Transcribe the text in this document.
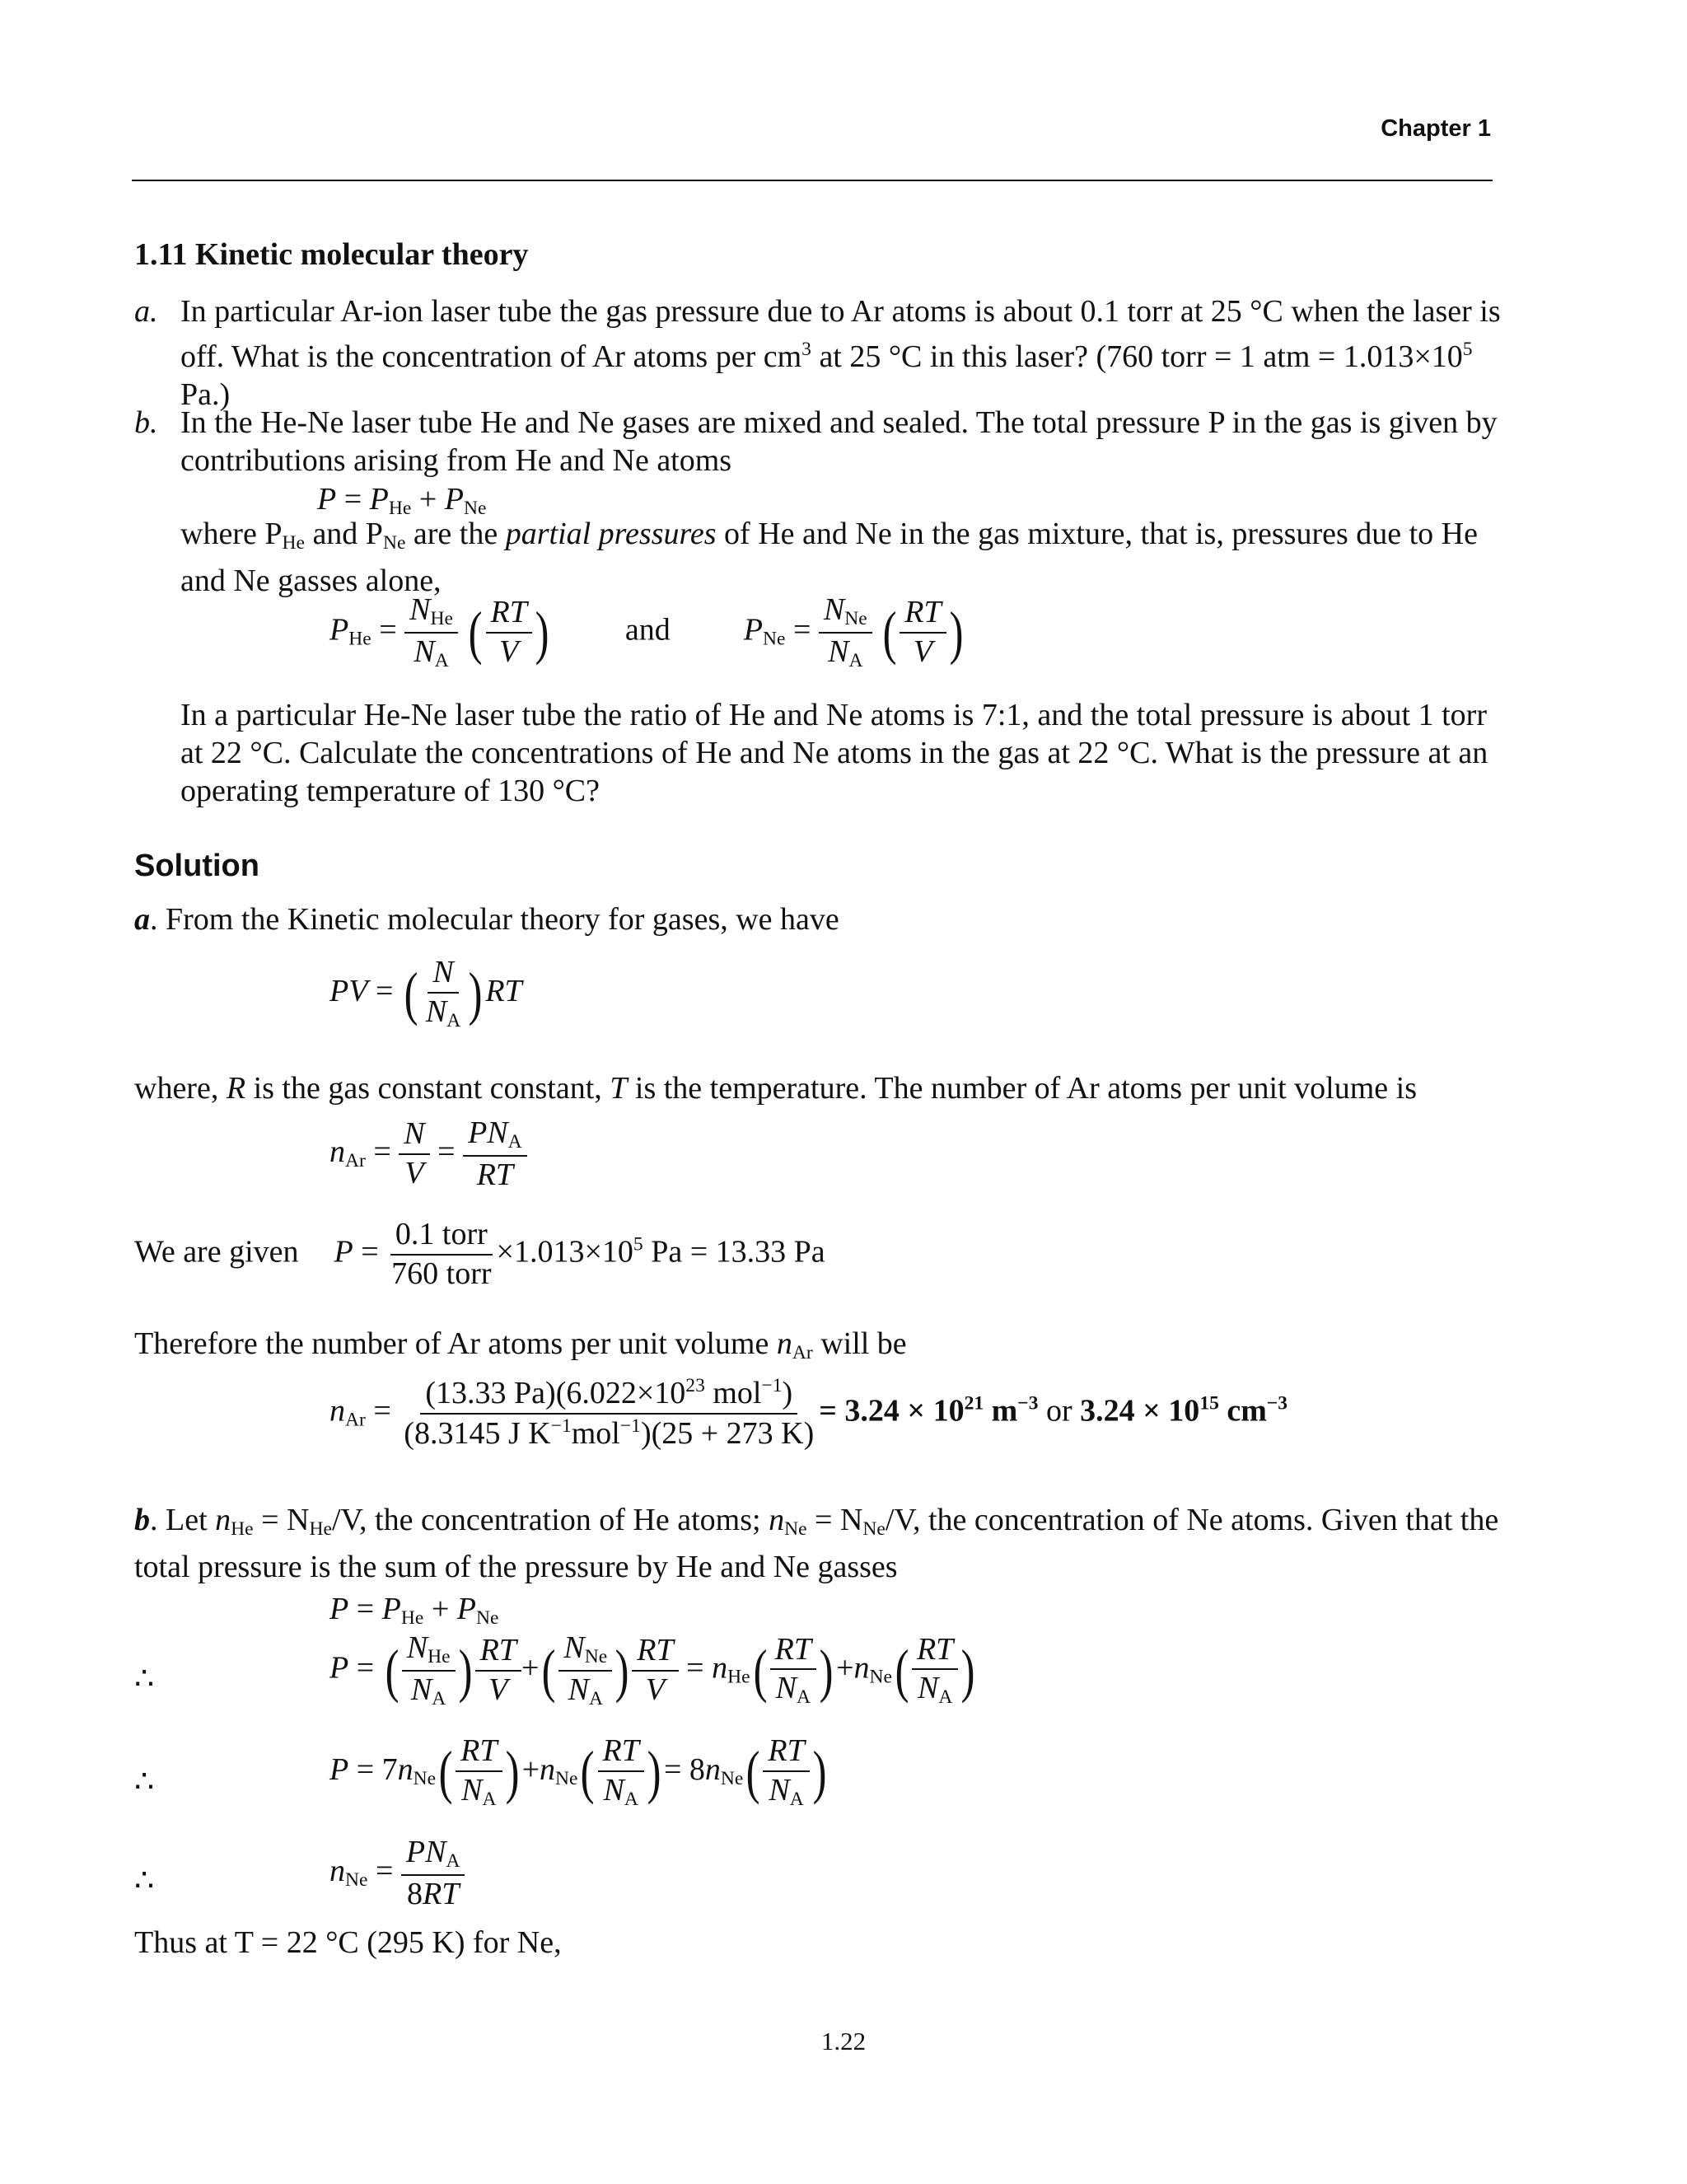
Chapter 1
1.11 Kinetic molecular theory
a. In particular Ar-ion laser tube the gas pressure due to Ar atoms is about 0.1 torr at 25 °C when the laser is off. What is the concentration of Ar atoms per $cm^3$ at 25 °C in this laser? (760 torr = 1 atm = $1.013\times 10^5$ Pa.)
b. In the He-Ne laser tube He and Ne gases are mixed and sealed. The total pressure P in the gas is given by contributions arising from He and Ne atoms
$P = P_{He} + P_{Ne}$
where $P_{He}$ and $P_{Ne}$ are the partial pressures of He and Ne in the gas mixture, that is, pressures due to He and Ne gasses alone,
$P_{He} = \frac{N_{He}}{N_A}$ ( $\frac{RT}{V}$ ) and $P_{Ne} = \frac{N_{Ne}}{N_A}$ ( $\frac{RT}{V}$ )
In a particular He-Ne laser tube the ratio of He and Ne atoms is 7:1, and the total pressure is about 1 torr at 22 °C. Calculate the concentrations of He and Ne atoms in the gas at 22 °C. What is the pressure at an operating temperature of 130 °C?
Solution
a. From the Kinetic molecular theory for gases, we have
PV = ( $\frac{N}{N_A} )RT$
where, R is the gas constant constant, T is the temperature. The number of Ar atoms per unit volume is
$n_{Ar} = \frac{N}{V} = \frac{PN_A}{RT}$
We are given $P = \frac{\text{0.1 torr}}{\text{760 torr}} \times 1.013\times 10^5$ Pa = 13.33 Pa
Therefore the number of Ar atoms per unit volume $n_{Ar}$ will be
$n_{Ar} = \frac{(13.33 Pa)(6.022\times 10^{23} mol^{-1})}{(8.3145 J K^{-1}mol^{-1})(25 + 273 K)} = 3.24 \times 10^{21}$ $m^{-3}$ or $3.24 \times 10^{15}$ $cm^{-3}$
b. Let $n_{He} = N_{He}/V$, the concentration of He atoms; $n_{Ne} = N_{Ne}/V$, the concentration of Ne atoms. Given that the total pressure is the sum of the pressure by He and Ne gasses
$P = P_{He} + P_{Ne}$
∴	P = ( $\frac{N_{He}}{N_A}$ ) $\frac{RT}{V}$ +( $\frac{N_{Ne}}{N_A}$ ) $\frac{RT}{V} = n_{He}( \frac{RT}{N_A} )+n_{Ne}( \frac{RT}{N_A}$ )
∴	$P = 7n_{Ne}( \frac{RT}{N_A} )+n_{Ne}( \frac{RT}{N_A}$ )= $8n_{Ne}( \frac{RT}{N_A}$ )
∴	$n_{Ne} = \frac{PN_A}{8RT}$
Thus at T = 22 °C (295 K) for Ne,
1.22
